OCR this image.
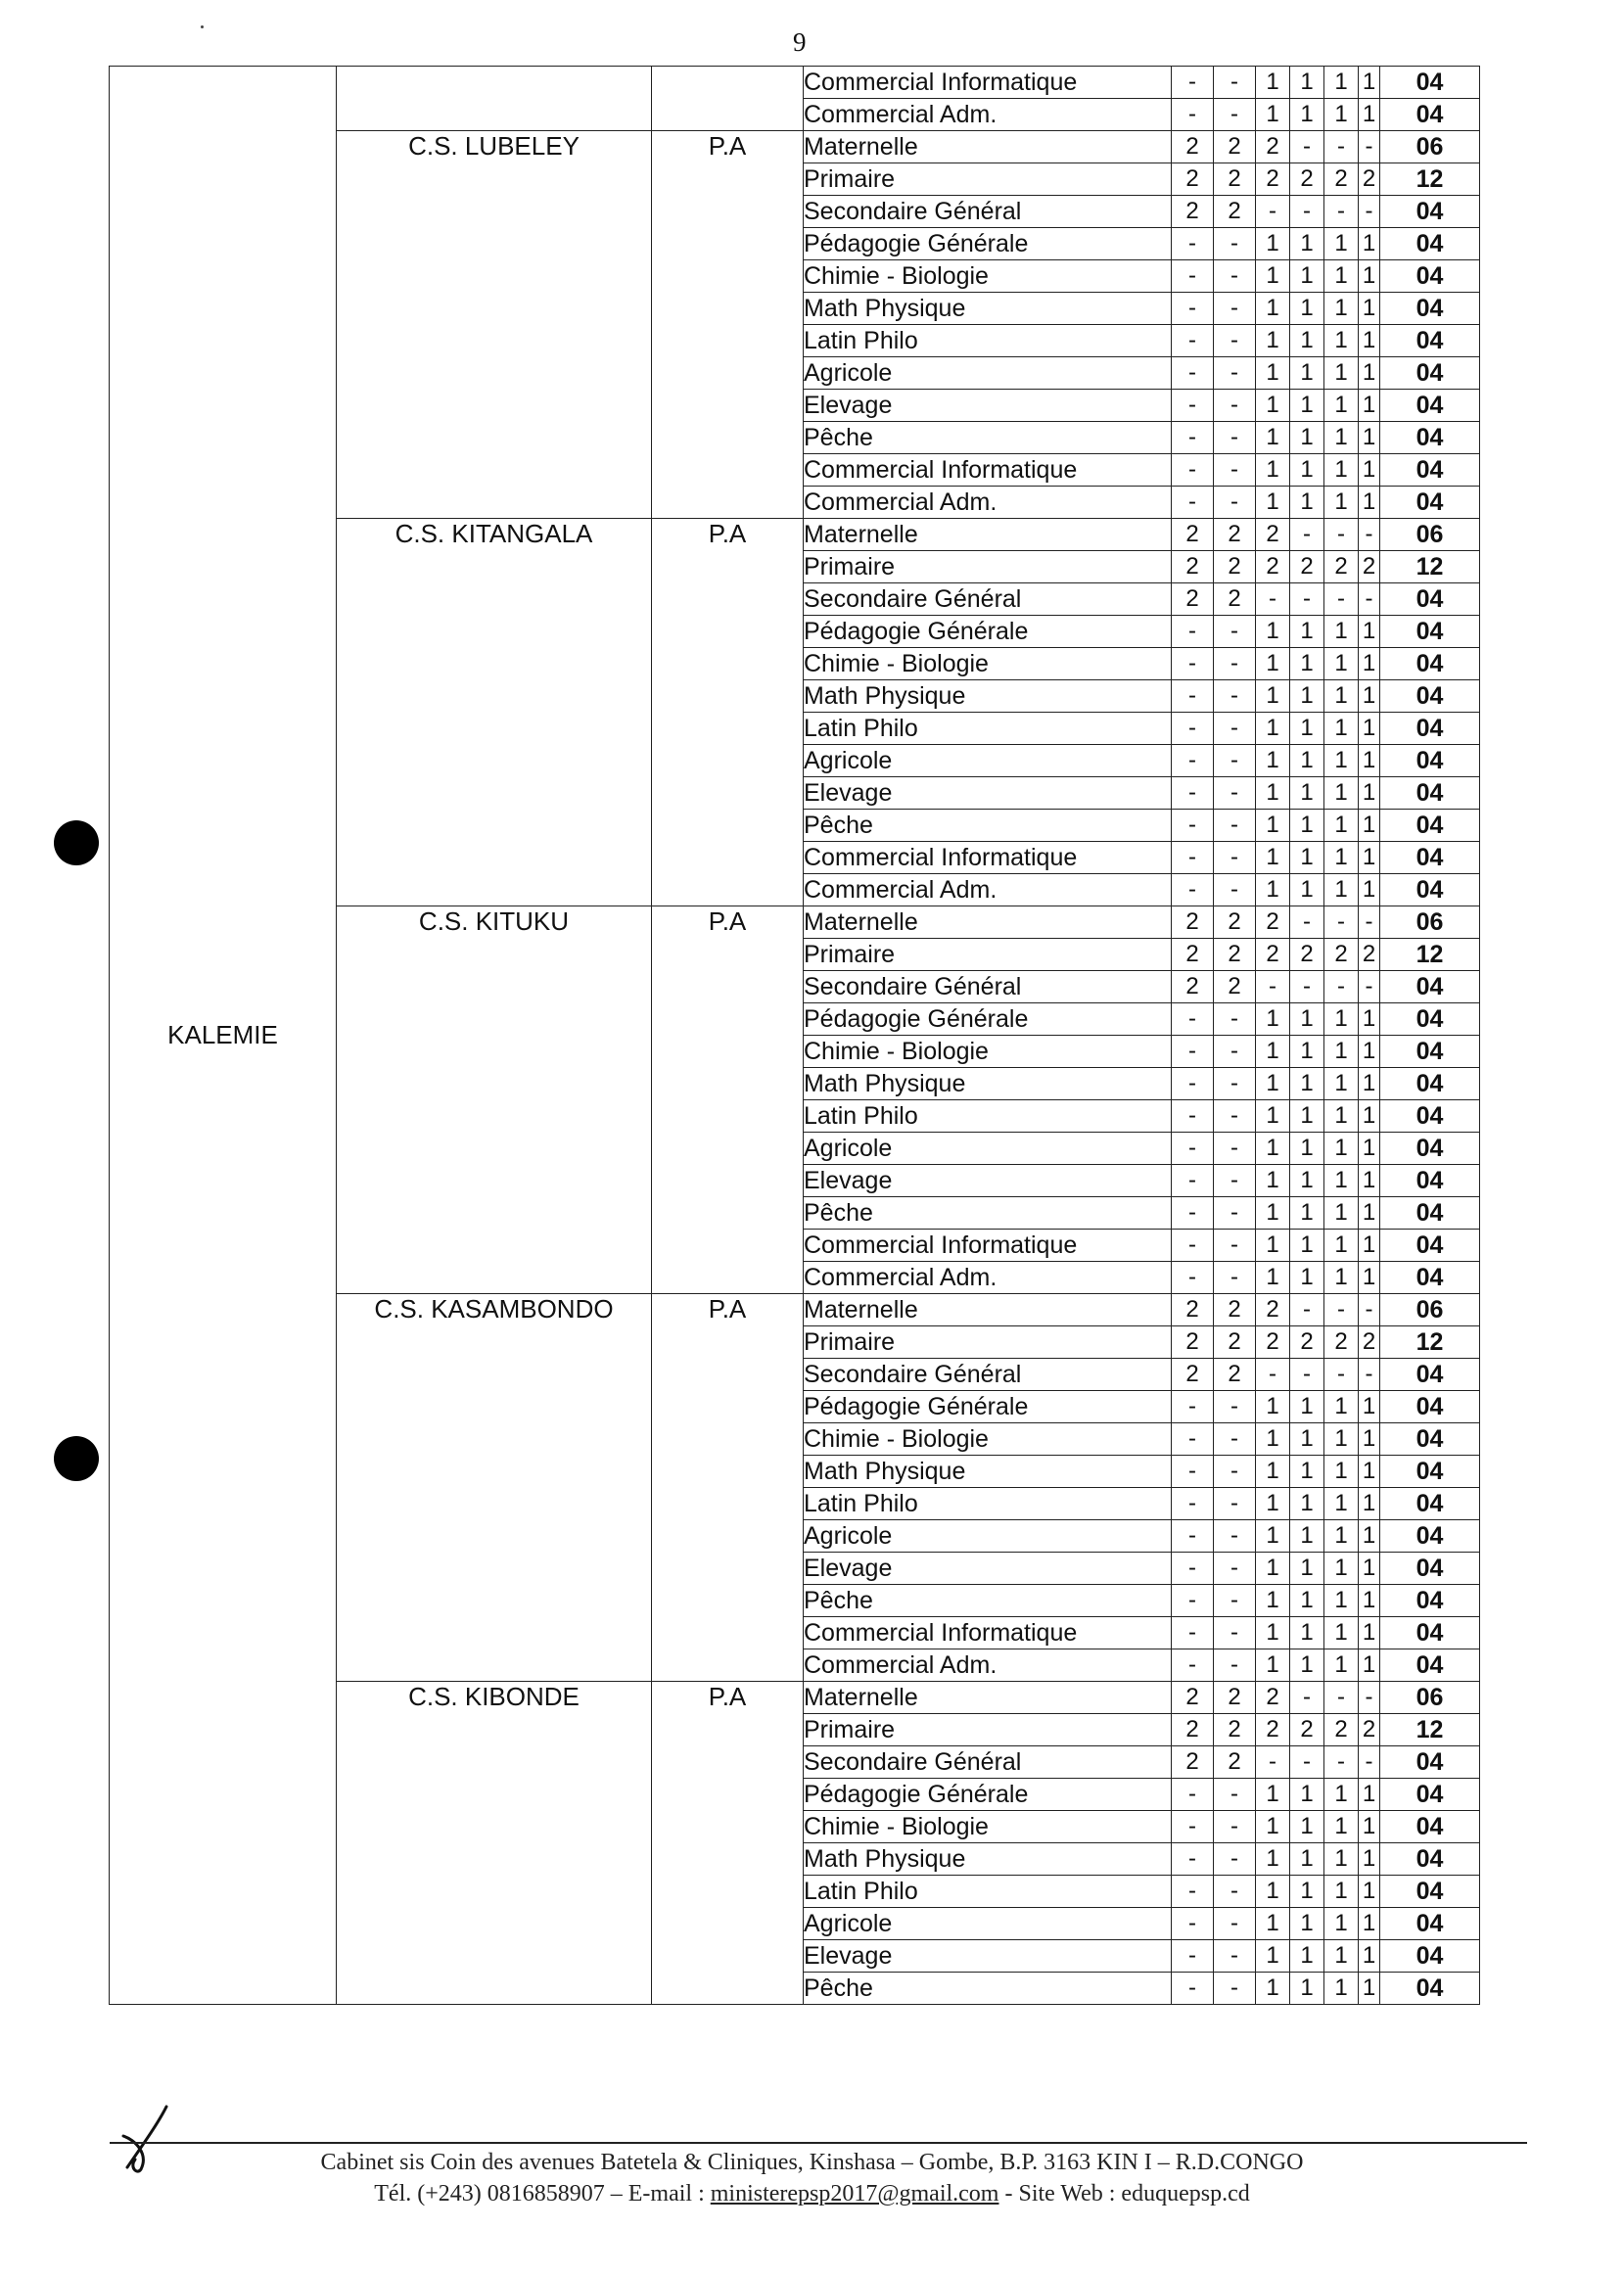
9
KALEMIE			Commercial Informatique	-	-	1	1	1	1	04
			Commercial Adm.	-	-	1	1	1	1	04
	C.S. LUBELEY	P.A	Maternelle	2	2	2	-	-	-	06
			Primaire	2	2	2	2	2	2	12
			Secondaire Général	2	2	-	-	-	-	04
			Pédagogie Générale	-	-	1	1	1	1	04
			Chimie - Biologie	-	-	1	1	1	1	04
			Math Physique	-	-	1	1	1	1	04
			Latin Philo	-	-	1	1	1	1	04
			Agricole	-	-	1	1	1	1	04
			Elevage	-	-	1	1	1	1	04
			Pêche	-	-	1	1	1	1	04
			Commercial Informatique	-	-	1	1	1	1	04
			Commercial Adm.	-	-	1	1	1	1	04
	C.S. KITANGALA	P.A	Maternelle	2	2	2	-	-	-	06
			Primaire	2	2	2	2	2	2	12
			Secondaire Général	2	2	-	-	-	-	04
			Pédagogie Générale	-	-	1	1	1	1	04
			Chimie - Biologie	-	-	1	1	1	1	04
			Math Physique	-	-	1	1	1	1	04
			Latin Philo	-	-	1	1	1	1	04
			Agricole	-	-	1	1	1	1	04
			Elevage	-	-	1	1	1	1	04
			Pêche	-	-	1	1	1	1	04
			Commercial Informatique	-	-	1	1	1	1	04
			Commercial Adm.	-	-	1	1	1	1	04
	C.S. KITUKU	P.A	Maternelle	2	2	2	-	-	-	06
			Primaire	2	2	2	2	2	2	12
			Secondaire Général	2	2	-	-	-	-	04
			Pédagogie Générale	-	-	1	1	1	1	04
			Chimie - Biologie	-	-	1	1	1	1	04
			Math Physique	-	-	1	1	1	1	04
			Latin Philo	-	-	1	1	1	1	04
			Agricole	-	-	1	1	1	1	04
			Elevage	-	-	1	1	1	1	04
			Pêche	-	-	1	1	1	1	04
			Commercial Informatique	-	-	1	1	1	1	04
			Commercial Adm.	-	-	1	1	1	1	04
	C.S. KASAMBONDO	P.A	Maternelle	2	2	2	-	-	-	06
			Primaire	2	2	2	2	2	2	12
			Secondaire Général	2	2	-	-	-	-	04
			Pédagogie Générale	-	-	1	1	1	1	04
			Chimie - Biologie	-	-	1	1	1	1	04
			Math Physique	-	-	1	1	1	1	04
			Latin Philo	-	-	1	1	1	1	04
			Agricole	-	-	1	1	1	1	04
			Elevage	-	-	1	1	1	1	04
			Pêche	-	-	1	1	1	1	04
			Commercial Informatique	-	-	1	1	1	1	04
			Commercial Adm.	-	-	1	1	1	1	04
	C.S. KIBONDE	P.A	Maternelle	2	2	2	-	-	-	06
			Primaire	2	2	2	2	2	2	12
			Secondaire Général	2	2	-	-	-	-	04
			Pédagogie Générale	-	-	1	1	1	1	04
			Chimie - Biologie	-	-	1	1	1	1	04
			Math Physique	-	-	1	1	1	1	04
			Latin Philo	-	-	1	1	1	1	04
			Agricole	-	-	1	1	1	1	04
			Elevage	-	-	1	1	1	1	04
			Pêche	-	-	1	1	1	1	04
Cabinet sis Coin des avenues Batetela & Cliniques, Kinshasa – Gombe, B.P. 3163 KIN I – R.D.CONGO
Tél. (+243) 0816858907 – E-mail : ministerepsp2017@gmail.com - Site Web : eduquepsp.cd
